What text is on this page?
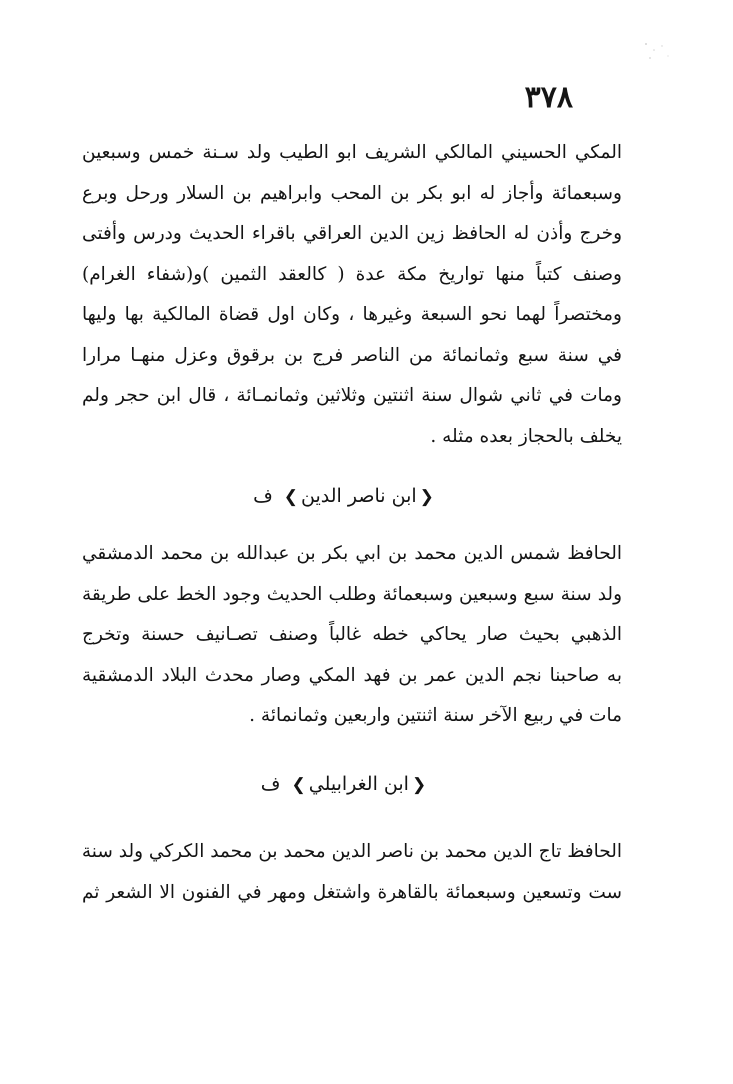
٣٧٨
المكي الحسيني المالكي الشريف ابو الطيب ولد سـنة خمس وسبعين
وسبعمائة وأجاز له ابو بكر بن المحب وابراهيم بن السلار ورحل وبرع
وخرج وأذن له الحافظ زين الدين العراقي باقراء الحديث ودرس وأفتى
وصنف كتباً منها تواريخ مكة عدة ( كالعقد الثمين )و(شفاء الغرام)
ومختصراً لهما نحو السبعة وغيرها ، وكان اول قضاة المالكية بها وليها
في سنة سبع وثمانمائة من الناصر فرج بن برقوق وعزل منهـا مرارا
ومات في ثاني شوال سنة اثنتين وثلاثين وثمانمـائة ، قال ابن حجر ولم
يخلف بالحجاز بعده مثله .
❮ابن ناصر الدين❯ف
الحافظ شمس الدين محمد بن ابي بكر بن عبدالله بن محمد الدمشقي
ولد سنة سبع وسبعين وسبعمائة وطلب الحديث وجود الخط على طريقة
الذهبي بحيث صار يحاكي خطه غالباً وصنف تصـانيف حسنة وتخرج
به صاحبنا نجم الدين عمر بن فهد المكي وصار محدث البلاد الدمشقية
مات في ربيع الآخر سنة اثنتين واربعين وثمانمائة .
❮ابن الغرابيلي❯ف
الحافظ تاج الدين محمد بن ناصر الدين محمد بن محمد الكركي ولد سنة
ست وتسعين وسبعمائة بالقاهرة واشتغل ومهر في الفنون الا الشعر ثم
